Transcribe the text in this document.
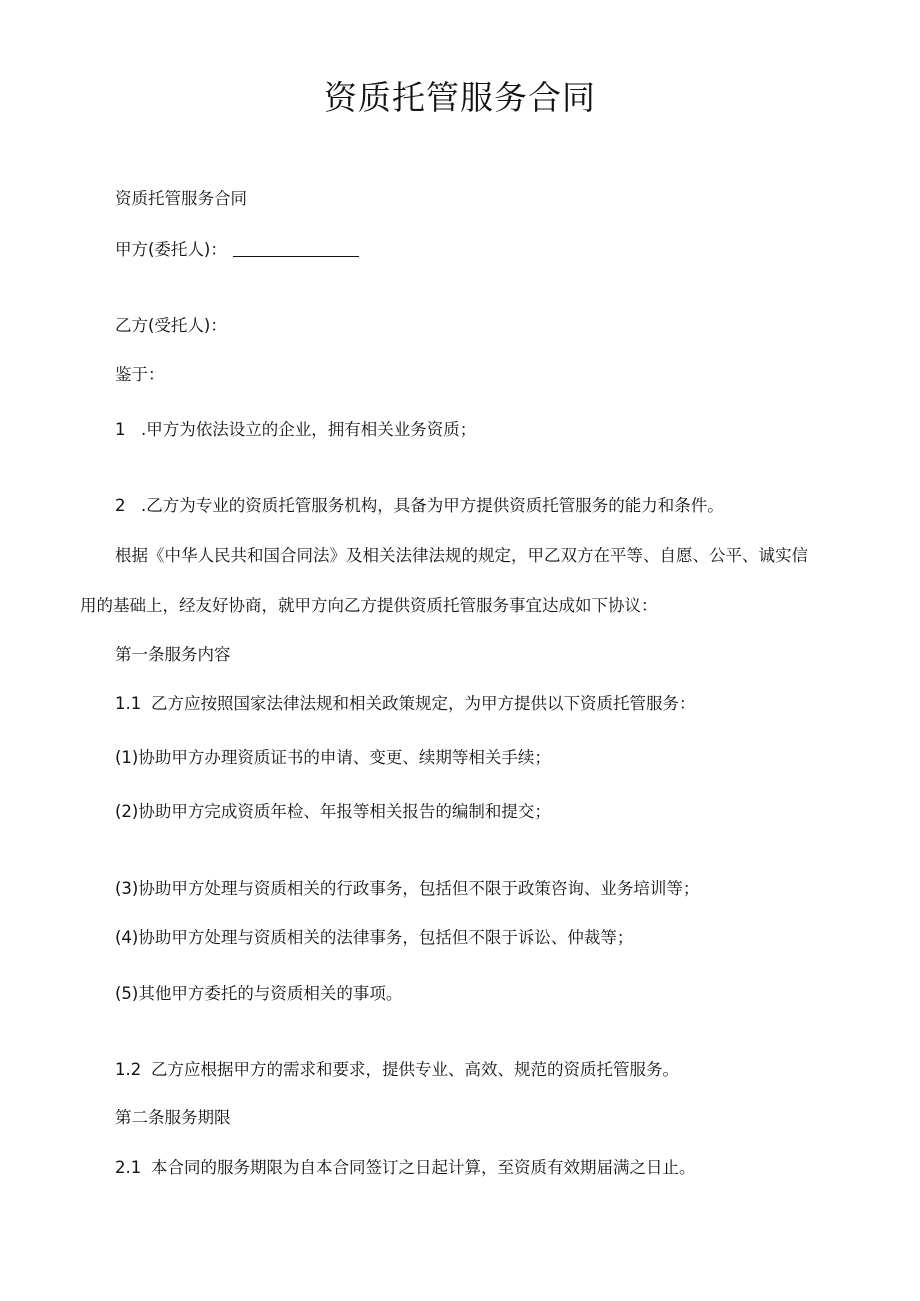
资质托管服务合同

资质托管服务合同

甲方(委托人)：

乙方(受托人)：

鉴于：

1 .甲方为依法设立的企业，拥有相关业务资质；

2 .乙方为专业的资质托管服务机构，具备为甲方提供资质托管服务的能力和条件。

根据《中华人民共和国合同法》及相关法律法规的规定，甲乙双方在平等、自愿、公平、诚实信

用的基础上，经友好协商，就甲方向乙方提供资质托管服务事宜达成如下协议：

第一条服务内容

1.1 乙方应按照国家法律法规和相关政策规定，为甲方提供以下资质托管服务：

(1)协助甲方办理资质证书的申请、变更、续期等相关手续；

(2)协助甲方完成资质年检、年报等相关报告的编制和提交；

(3)协助甲方处理与资质相关的行政事务，包括但不限于政策咨询、业务培训等；

(4)协助甲方处理与资质相关的法律事务，包括但不限于诉讼、仲裁等；

(5)其他甲方委托的与资质相关的事项。

1.2 乙方应根据甲方的需求和要求，提供专业、高效、规范的资质托管服务。

第二条服务期限

2.1 本合同的服务期限为自本合同签订之日起计算，至资质有效期届满之日止。
